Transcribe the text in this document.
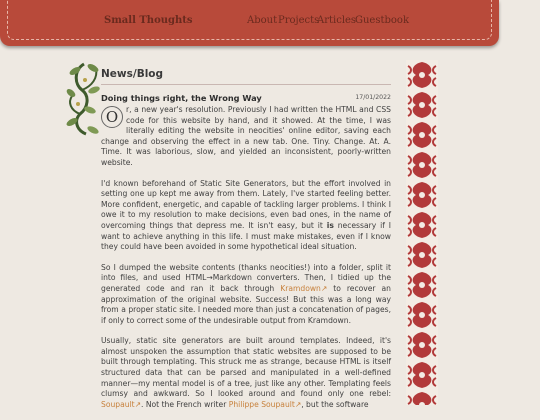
Small Thoughts	About Projects
Articles
Guestbook
News/Blog
Doing things right, the Wrong Way	17/01/2022

O	r, a new year's resolution. Previously I had written the HTML and CSS code for this website by hand, and it showed. At the time, I was literally editing the website in neocities' online editor, saving each change and observing the effect in a new tab. One. Tiny. Change. At. A. Time. It was laborious, slow, and yielded an inconsistent, poorly-written website.

I'd known beforehand of Static Site Generators, but the effort involved in setting one up kept me away from them. Lately, I've started feeling better. More confident, energetic, and capable of tackling larger problems. I think I owe it to my resolution to make decisions, even bad ones, in the name of overcoming things that depress me. It isn't easy, but it is necessary if I want to achieve anything in this life. I must make mistakes, even if I know they could have been avoided in some hypothetical ideal situation.

So I dumped the website contents (thanks neocities!) into a folder, split it into files, and used HTML→Markdown converters. Then, I tidied up the generated code and ran it back through Kramdown↗ to recover an approximation of the original website. Success! But this was a long way from a proper static site. I needed more than just a concatenation of pages, if only to correct some of the undesirable output from Kramdown.

Usually, static site generators are built around templates. Indeed, it's almost unspoken the assumption that static websites are supposed to be built through templating. This struck me as strange, because HTML is itself structured data that can be parsed and manipulated in a well-defined manner—my mental model is of a tree, just like any other. Templating feels clumsy and awkward. So I looked around and found only one rebel: Soupault↗. Not the French writer Philippe Soupault↗, but the software
